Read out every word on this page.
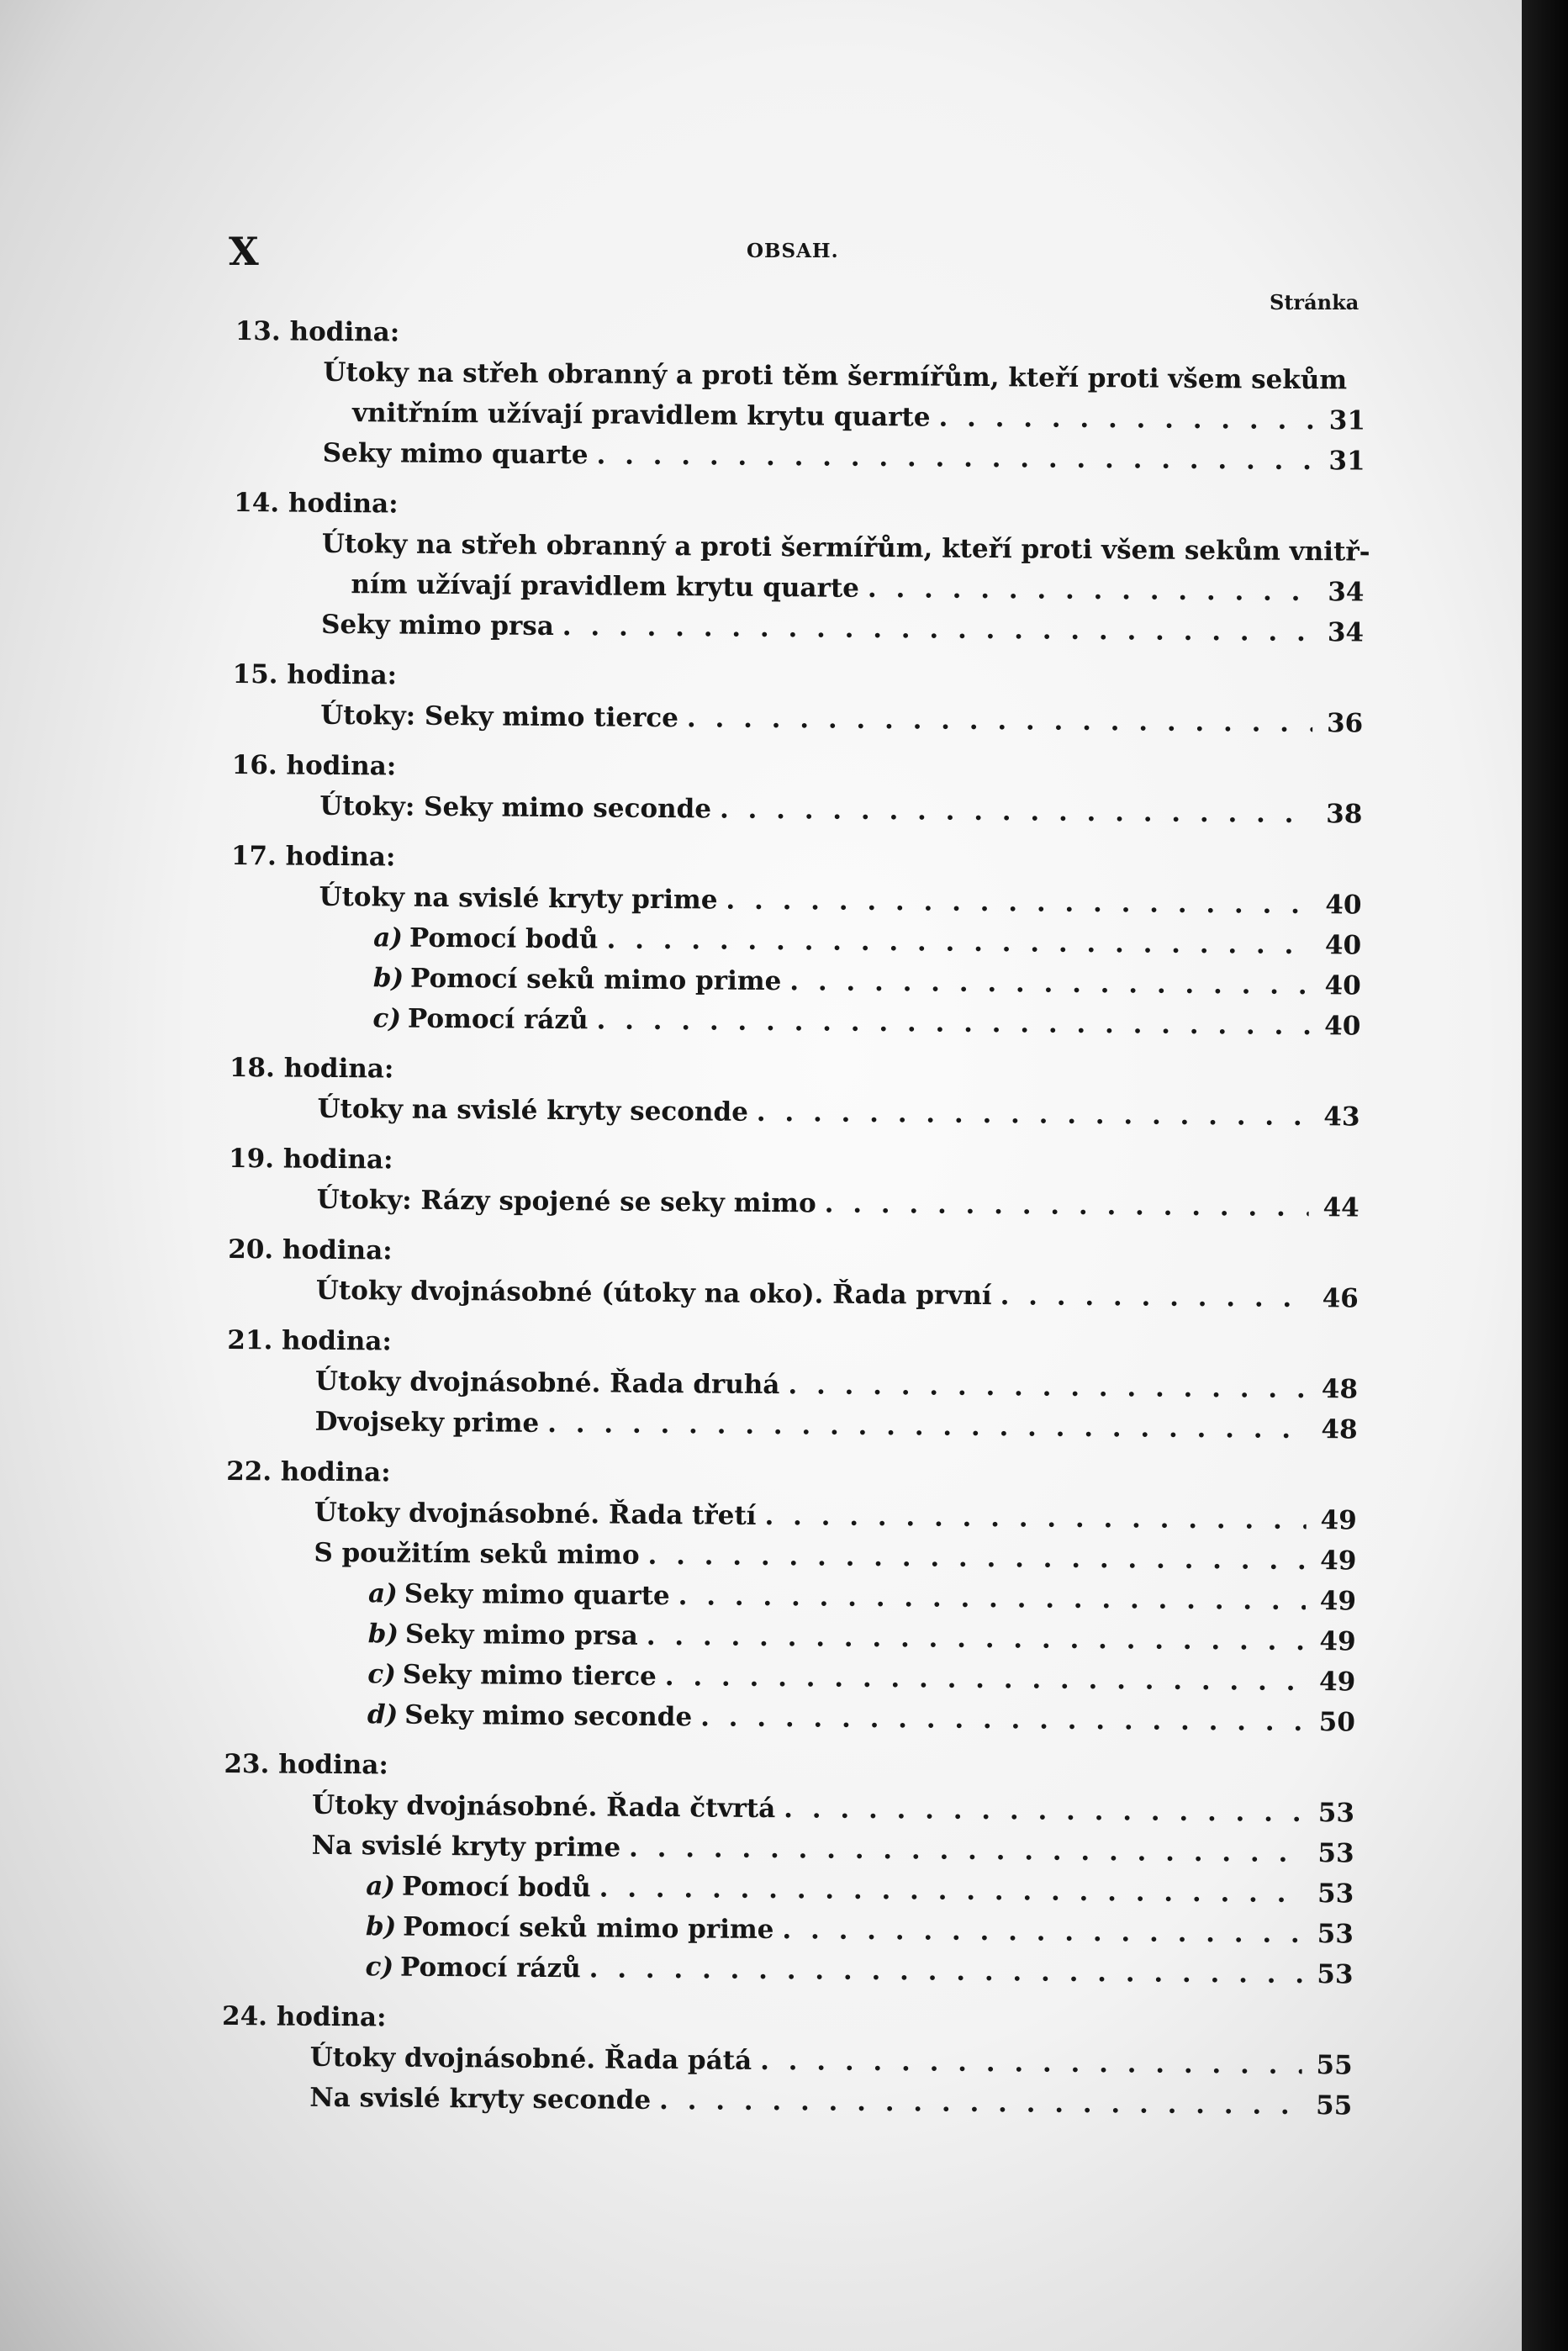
X	OBSAH.
Stránka
13. hodina:
Útoky na střeh obranný a proti těm šermířům, kteří proti všem sekům
vnitřním užívají pravidlem krytu quarte . . .	31
Seky mimo quarte . . .	31
14. hodina:
Útoky na střeh obranný a proti šermířům, kteří proti všem sekům vnitř-
ním užívají pravidlem krytu quarte . . .	34
Seky mimo prsa . . .	34
15. hodina:
Útoky: Seky mimo tierce . . .	36
16. hodina:
Útoky: Seky mimo seconde . . .	38
17. hodina:
Útoky na svislé kryty prime . . .	40
a) Pomocí bodů . . .	40
b) Pomocí seků mimo prime . . .	40
c) Pomocí rázů . . .	40
18. hodina:
Útoky na svislé kryty seconde . . .	43
19. hodina:
Útoky: Rázy spojené se seky mimo . . .	44
20. hodina:
Útoky dvojnásobné (útoky na oko). Řada první . . .	46
21. hodina:
Útoky dvojnásobné. Řada druhá . . .	48
Dvojseky prime . . .	48
22. hodina:
Útoky dvojnásobné. Řada třetí . . .	49
S použitím seků mimo . . .	49
a) Seky mimo quarte . . .	49
b) Seky mimo prsa . . .	49
c) Seky mimo tierce . . .	49
d) Seky mimo seconde . . .	50
23. hodina:
Útoky dvojnásobné. Řada čtvrtá . . .	53
Na svislé kryty prime . . .	53
a) Pomocí bodů . . .	53
b) Pomocí seků mimo prime . . .	53
c) Pomocí rázů . . .	53
24. hodina:
Útoky dvojnásobné. Řada pátá . . .	55
Na svislé kryty seconde . . .	55
